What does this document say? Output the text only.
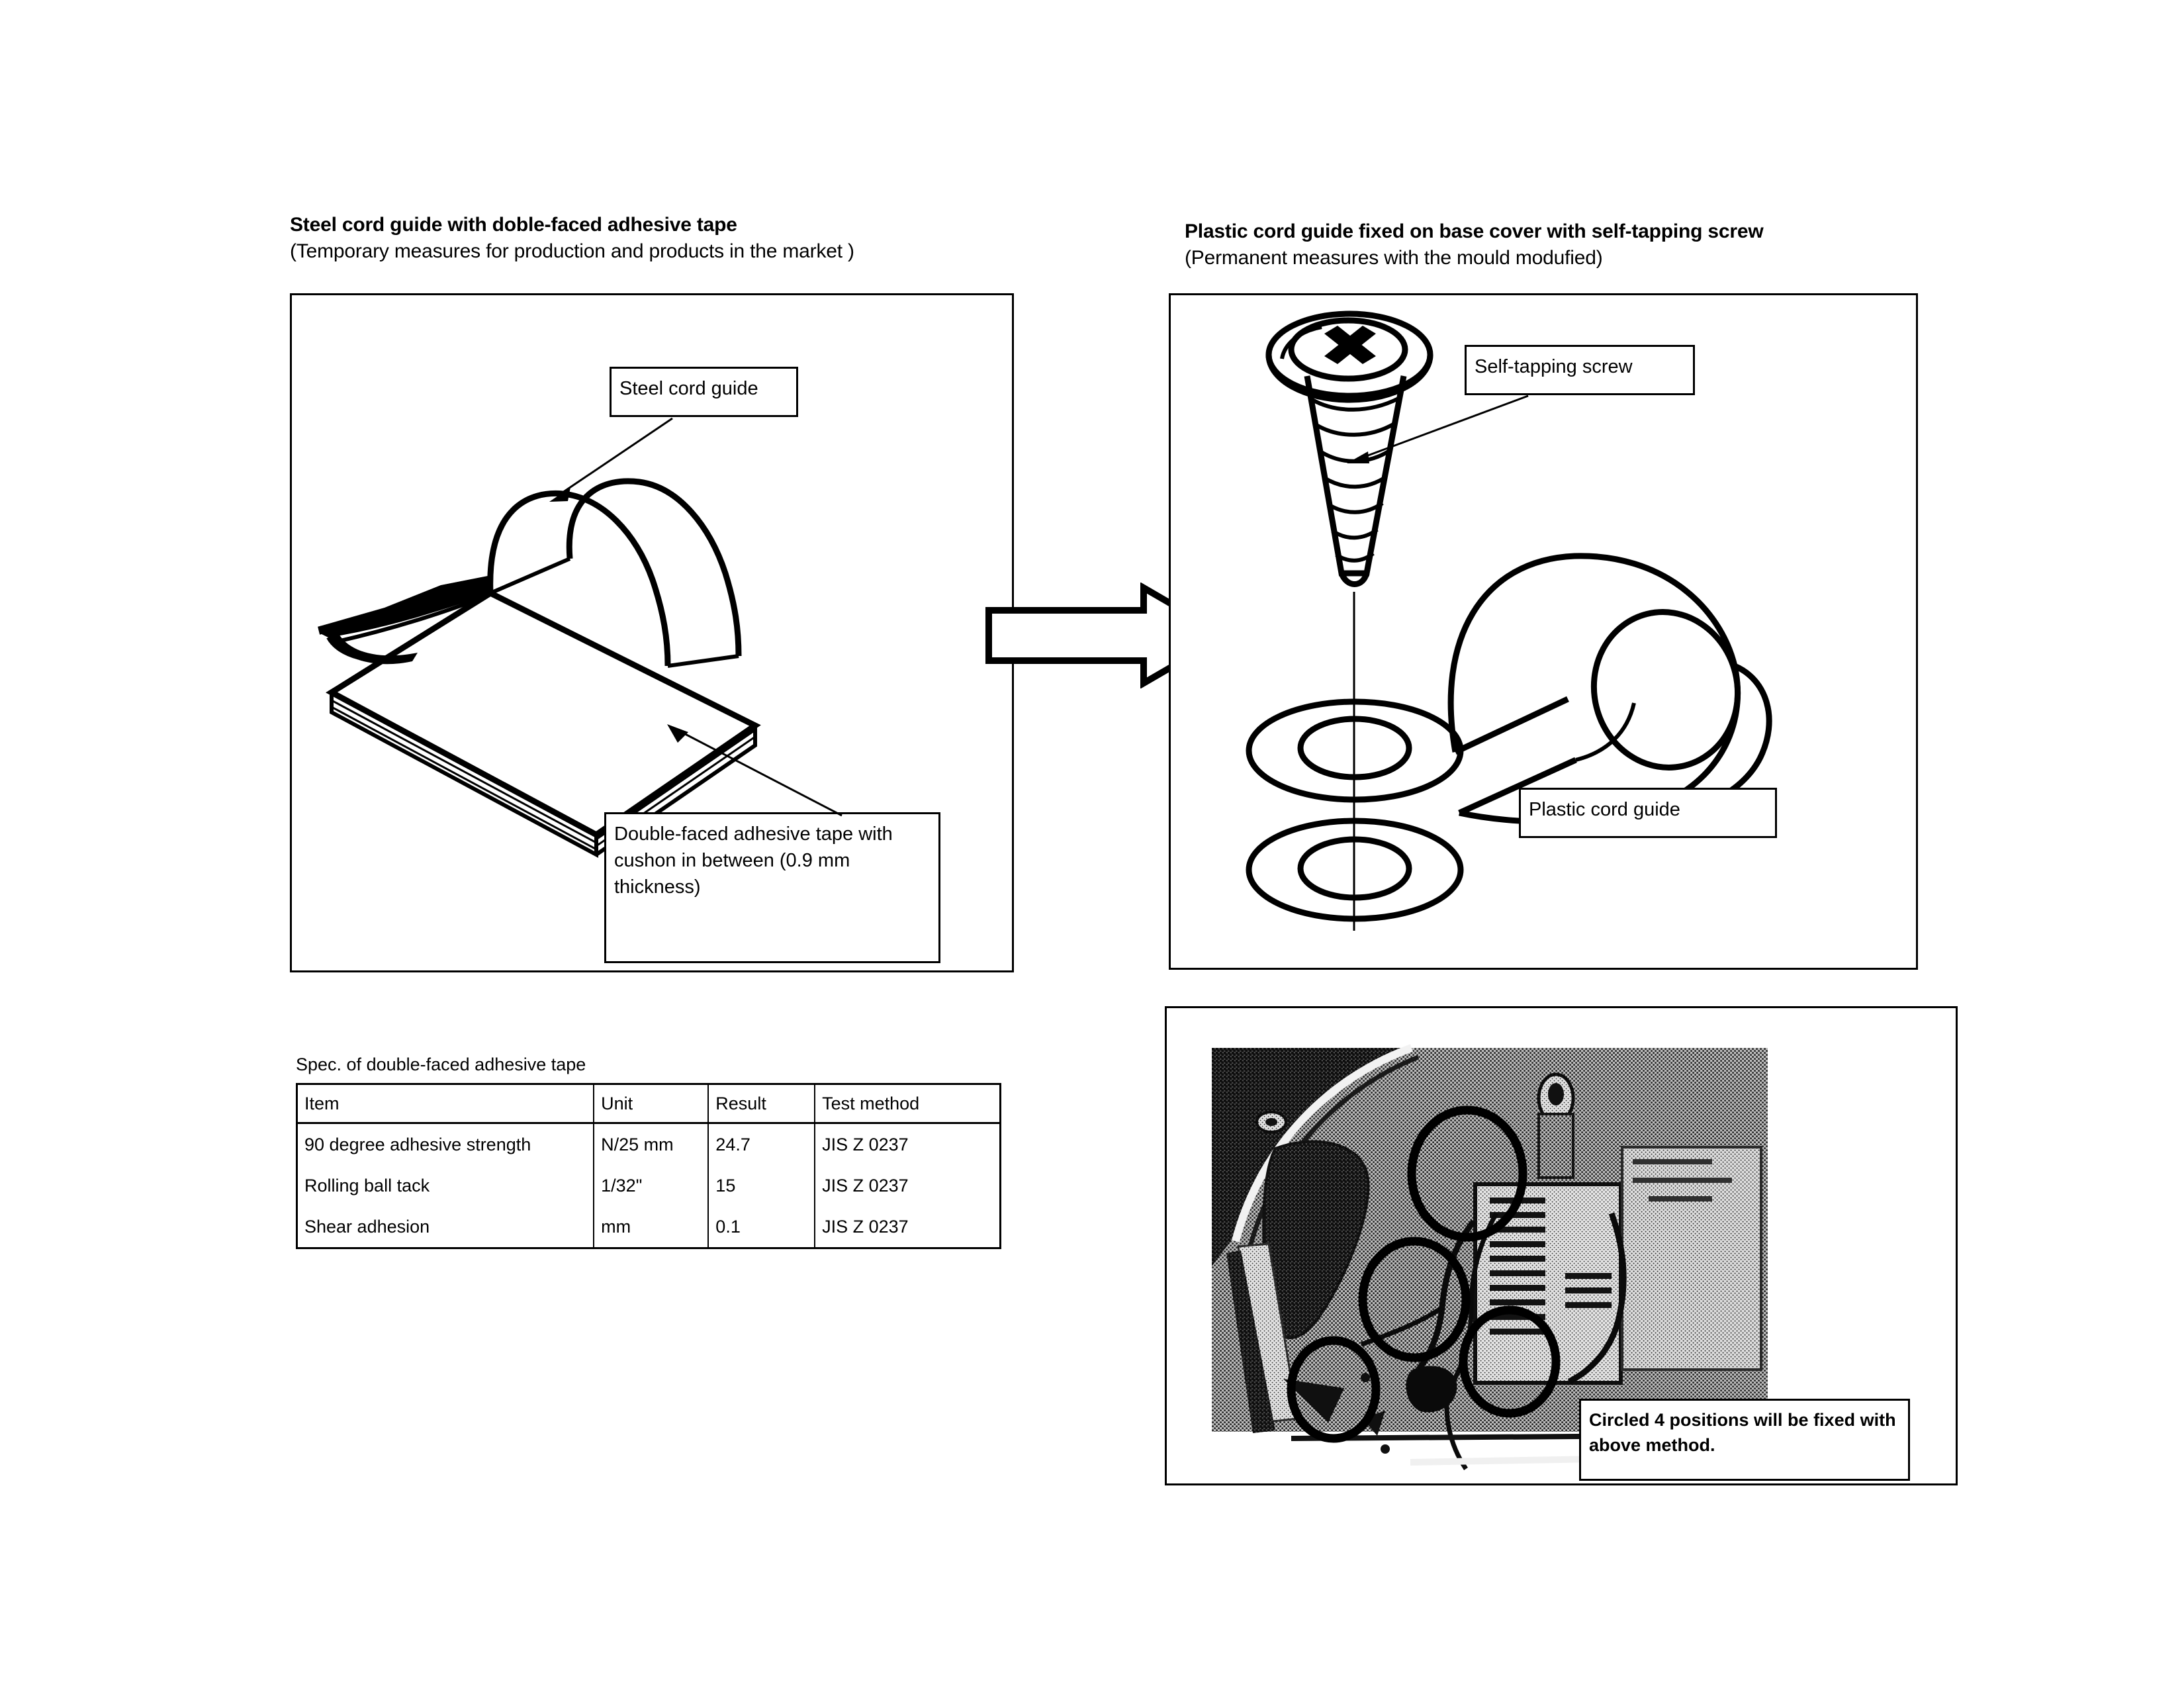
Steel cord guide with doble-faced adhesive tape
(Temporary measures for production and products in the market )
Plastic cord guide fixed on base cover with self-tapping screw
(Permanent measures with the mould modufied)
Steel cord guide
Double-faced adhesive tape with cushon in between (0.9 mm thickness)
Self-tapping screw
Plastic cord guide
Circled 4 positions will be fixed with above method.
Spec. of double-faced adhesive tape
Item	Unit	Result	Test method
90 degree adhesive strength	N/25 mm	24.7	JIS Z 0237
Rolling ball tack	1/32"	15	JIS Z 0237
Shear adhesion	mm	0.1	JIS Z 0237
